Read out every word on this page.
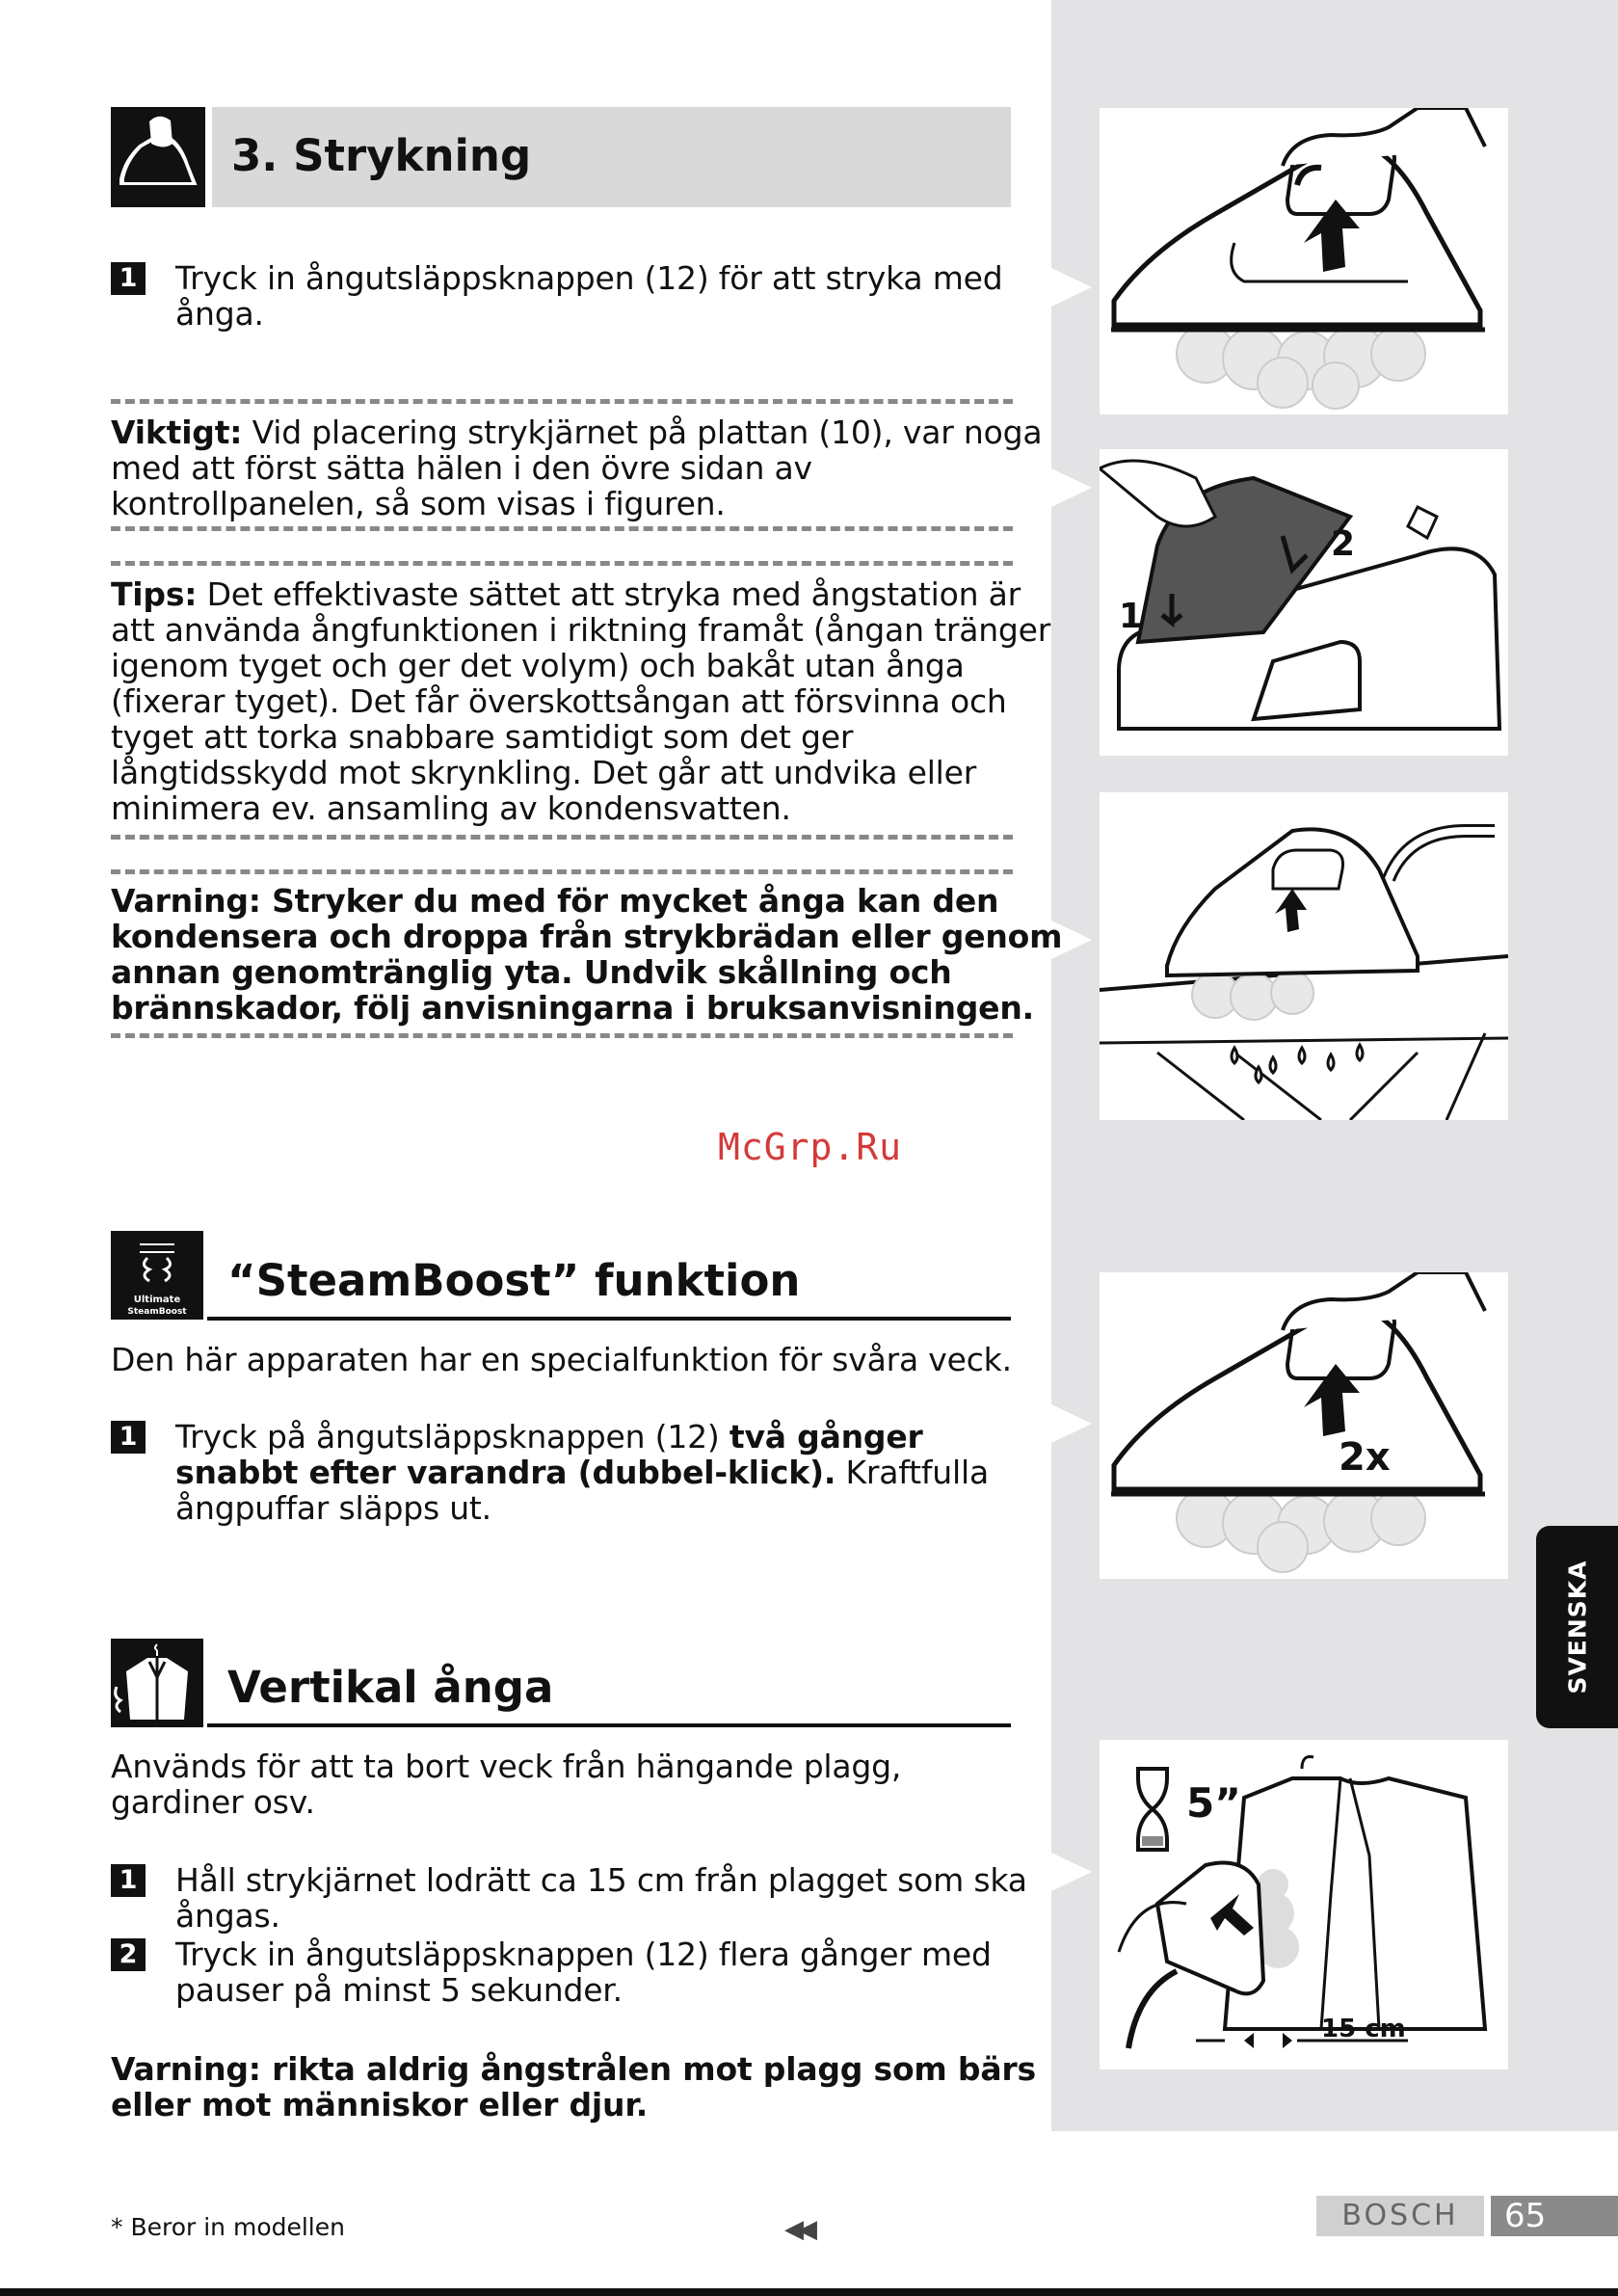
1
2
2x
5”
15 cm
3. Strykning
1 Tryck in ångutsläppsknappen (12) för att stryka med
ånga.
Viktigt: Vid placering strykjärnet på plattan (10), var noga
med att först sätta hälen i den övre sidan av
kontrollpanelen, så som visas i figuren.
Tips: Det effektivaste sättet att stryka med ångstation är
att använda ångfunktionen i riktning framåt (ångan tränger
igenom tyget och ger det volym) och bakåt utan ånga
(fixerar tyget). Det får överskottsångan att försvinna och
tyget att torka snabbare samtidigt som det ger
långtidsskydd mot skrynkling. Det går att undvika eller
minimera ev. ansamling av kondensvatten.
Varning: Stryker du med för mycket ånga kan den
kondensera och droppa från strykbrädan eller genom
annan genomtränglig yta. Undvik skållning och
brännskador, följ anvisningarna i bruksanvisningen.
McGrp.Ru
Ultimate
SteamBoost
“SteamBoost” funktion
Den här apparaten har en specialfunktion för svåra veck.
1 Tryck på ångutsläppsknappen (12) två gånger
snabbt efter varandra (dubbel-klick). Kraftfulla
ångpuffar släpps ut.
Vertikal ånga
Används för att ta bort veck från hängande plagg,
gardiner osv.
1 Håll strykjärnet lodrätt ca 15 cm från plagget som ska
ångas.
2 Tryck in ångutsläppsknappen (12) flera gånger med
pauser på minst 5 sekunder.
Varning: rikta aldrig ångstrålen mot plagg som bärs
eller mot människor eller djur.
SVENSKA
* Beror in modellen	◀◀	BOSCH	65
